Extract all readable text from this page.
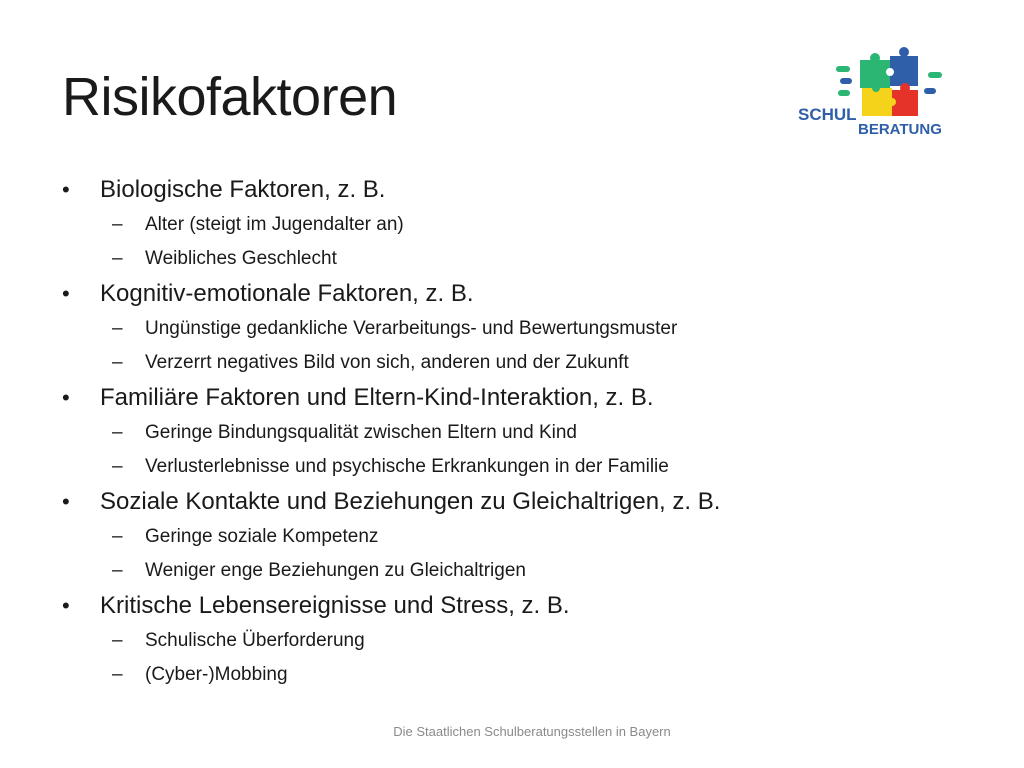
Risikofaktoren	SCHUL
BERATUNG
•	Biologische Faktoren, z. B.
–	Alter (steigt im Jugendalter an)
–	Weibliches Geschlecht
•	Kognitiv-emotionale Faktoren, z. B.
–	Ungünstige gedankliche Verarbeitungs- und Bewertungsmuster
–	Verzerrt negatives Bild von sich, anderen und der Zukunft
•	Familiäre Faktoren und Eltern-Kind-Interaktion, z. B.
–	Geringe Bindungsqualität zwischen Eltern und Kind
–	Verlusterlebnisse und psychische Erkrankungen in der Familie
•	Soziale Kontakte und Beziehungen zu Gleichaltrigen, z. B.
–	Geringe soziale Kompetenz
–	Weniger enge Beziehungen zu Gleichaltrigen
•	Kritische Lebensereignisse und Stress, z. B.
–	Schulische Überforderung
–	(Cyber-)Mobbing
Die Staatlichen Schulberatungsstellen in Bayern
